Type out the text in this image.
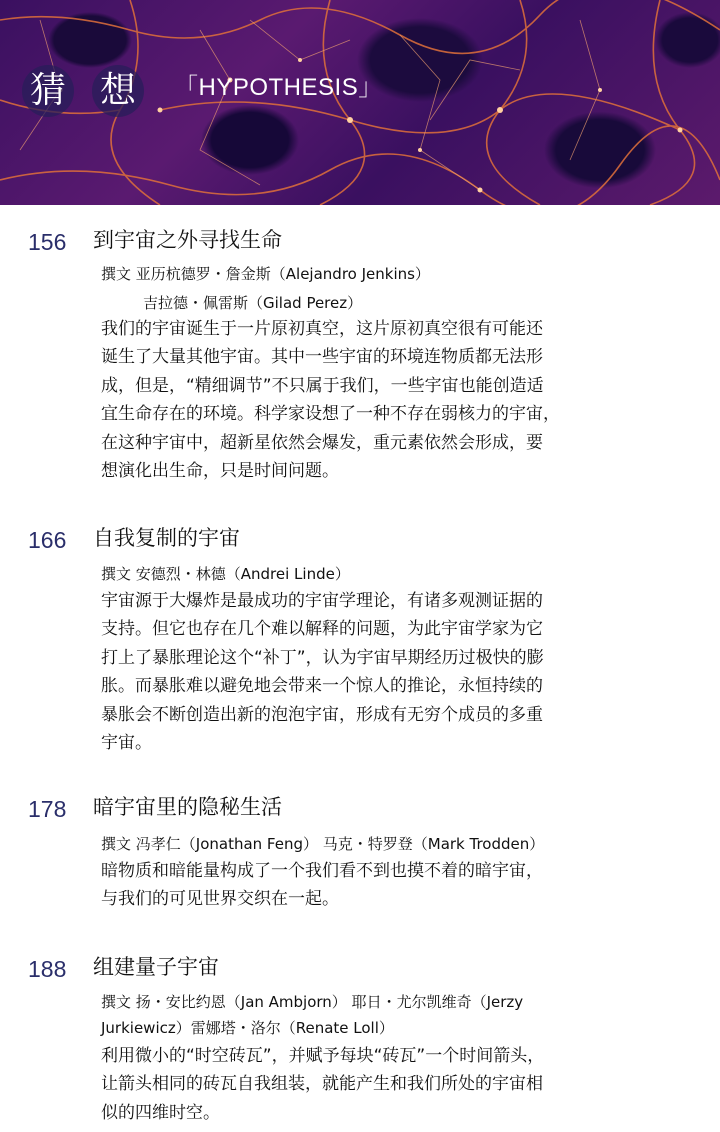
猜 想	「HYPOTHESIS」
156 到宇宙之外寻找生命
撰文 亚历杭德罗・詹金斯（Alejandro Jenkins）
吉拉德・佩雷斯（Gilad Perez）
我们的宇宙诞生于一片原初真空，这片原初真空很有可能还
诞生了大量其他宇宙。其中一些宇宙的环境连物质都无法形
成，但是，“精细调节”不只属于我们，一些宇宙也能创造适
宜生命存在的环境。科学家设想了一种不存在弱核力的宇宙，
在这种宇宙中，超新星依然会爆发，重元素依然会形成，要
想演化出生命，只是时间问题。
166 自我复制的宇宙
撰文 安德烈・林德（Andrei Linde）
宇宙源于大爆炸是最成功的宇宙学理论，有诸多观测证据的
支持。但它也存在几个难以解释的问题，为此宇宙学家为它
打上了暴胀理论这个“补丁”，认为宇宙早期经历过极快的膨
胀。而暴胀难以避免地会带来一个惊人的推论，永恒持续的
暴胀会不断创造出新的泡泡宇宙，形成有无穷个成员的多重
宇宙。
178 暗宇宙里的隐秘生活
撰文 冯孝仁（Jonathan Feng） 马克・特罗登（Mark Trodden）
暗物质和暗能量构成了一个我们看不到也摸不着的暗宇宙，
与我们的可见世界交织在一起。
188 组建量子宇宙
撰文 扬・安比约恩（Jan Ambjorn） 耶日・尤尔凯维奇（Jerzy
Jurkiewicz）雷娜塔・洛尔（Renate Loll）
利用微小的“时空砖瓦”，并赋予每块“砖瓦”一个时间箭头，
让箭头相同的砖瓦自我组装，就能产生和我们所处的宇宙相
似的四维时空。
